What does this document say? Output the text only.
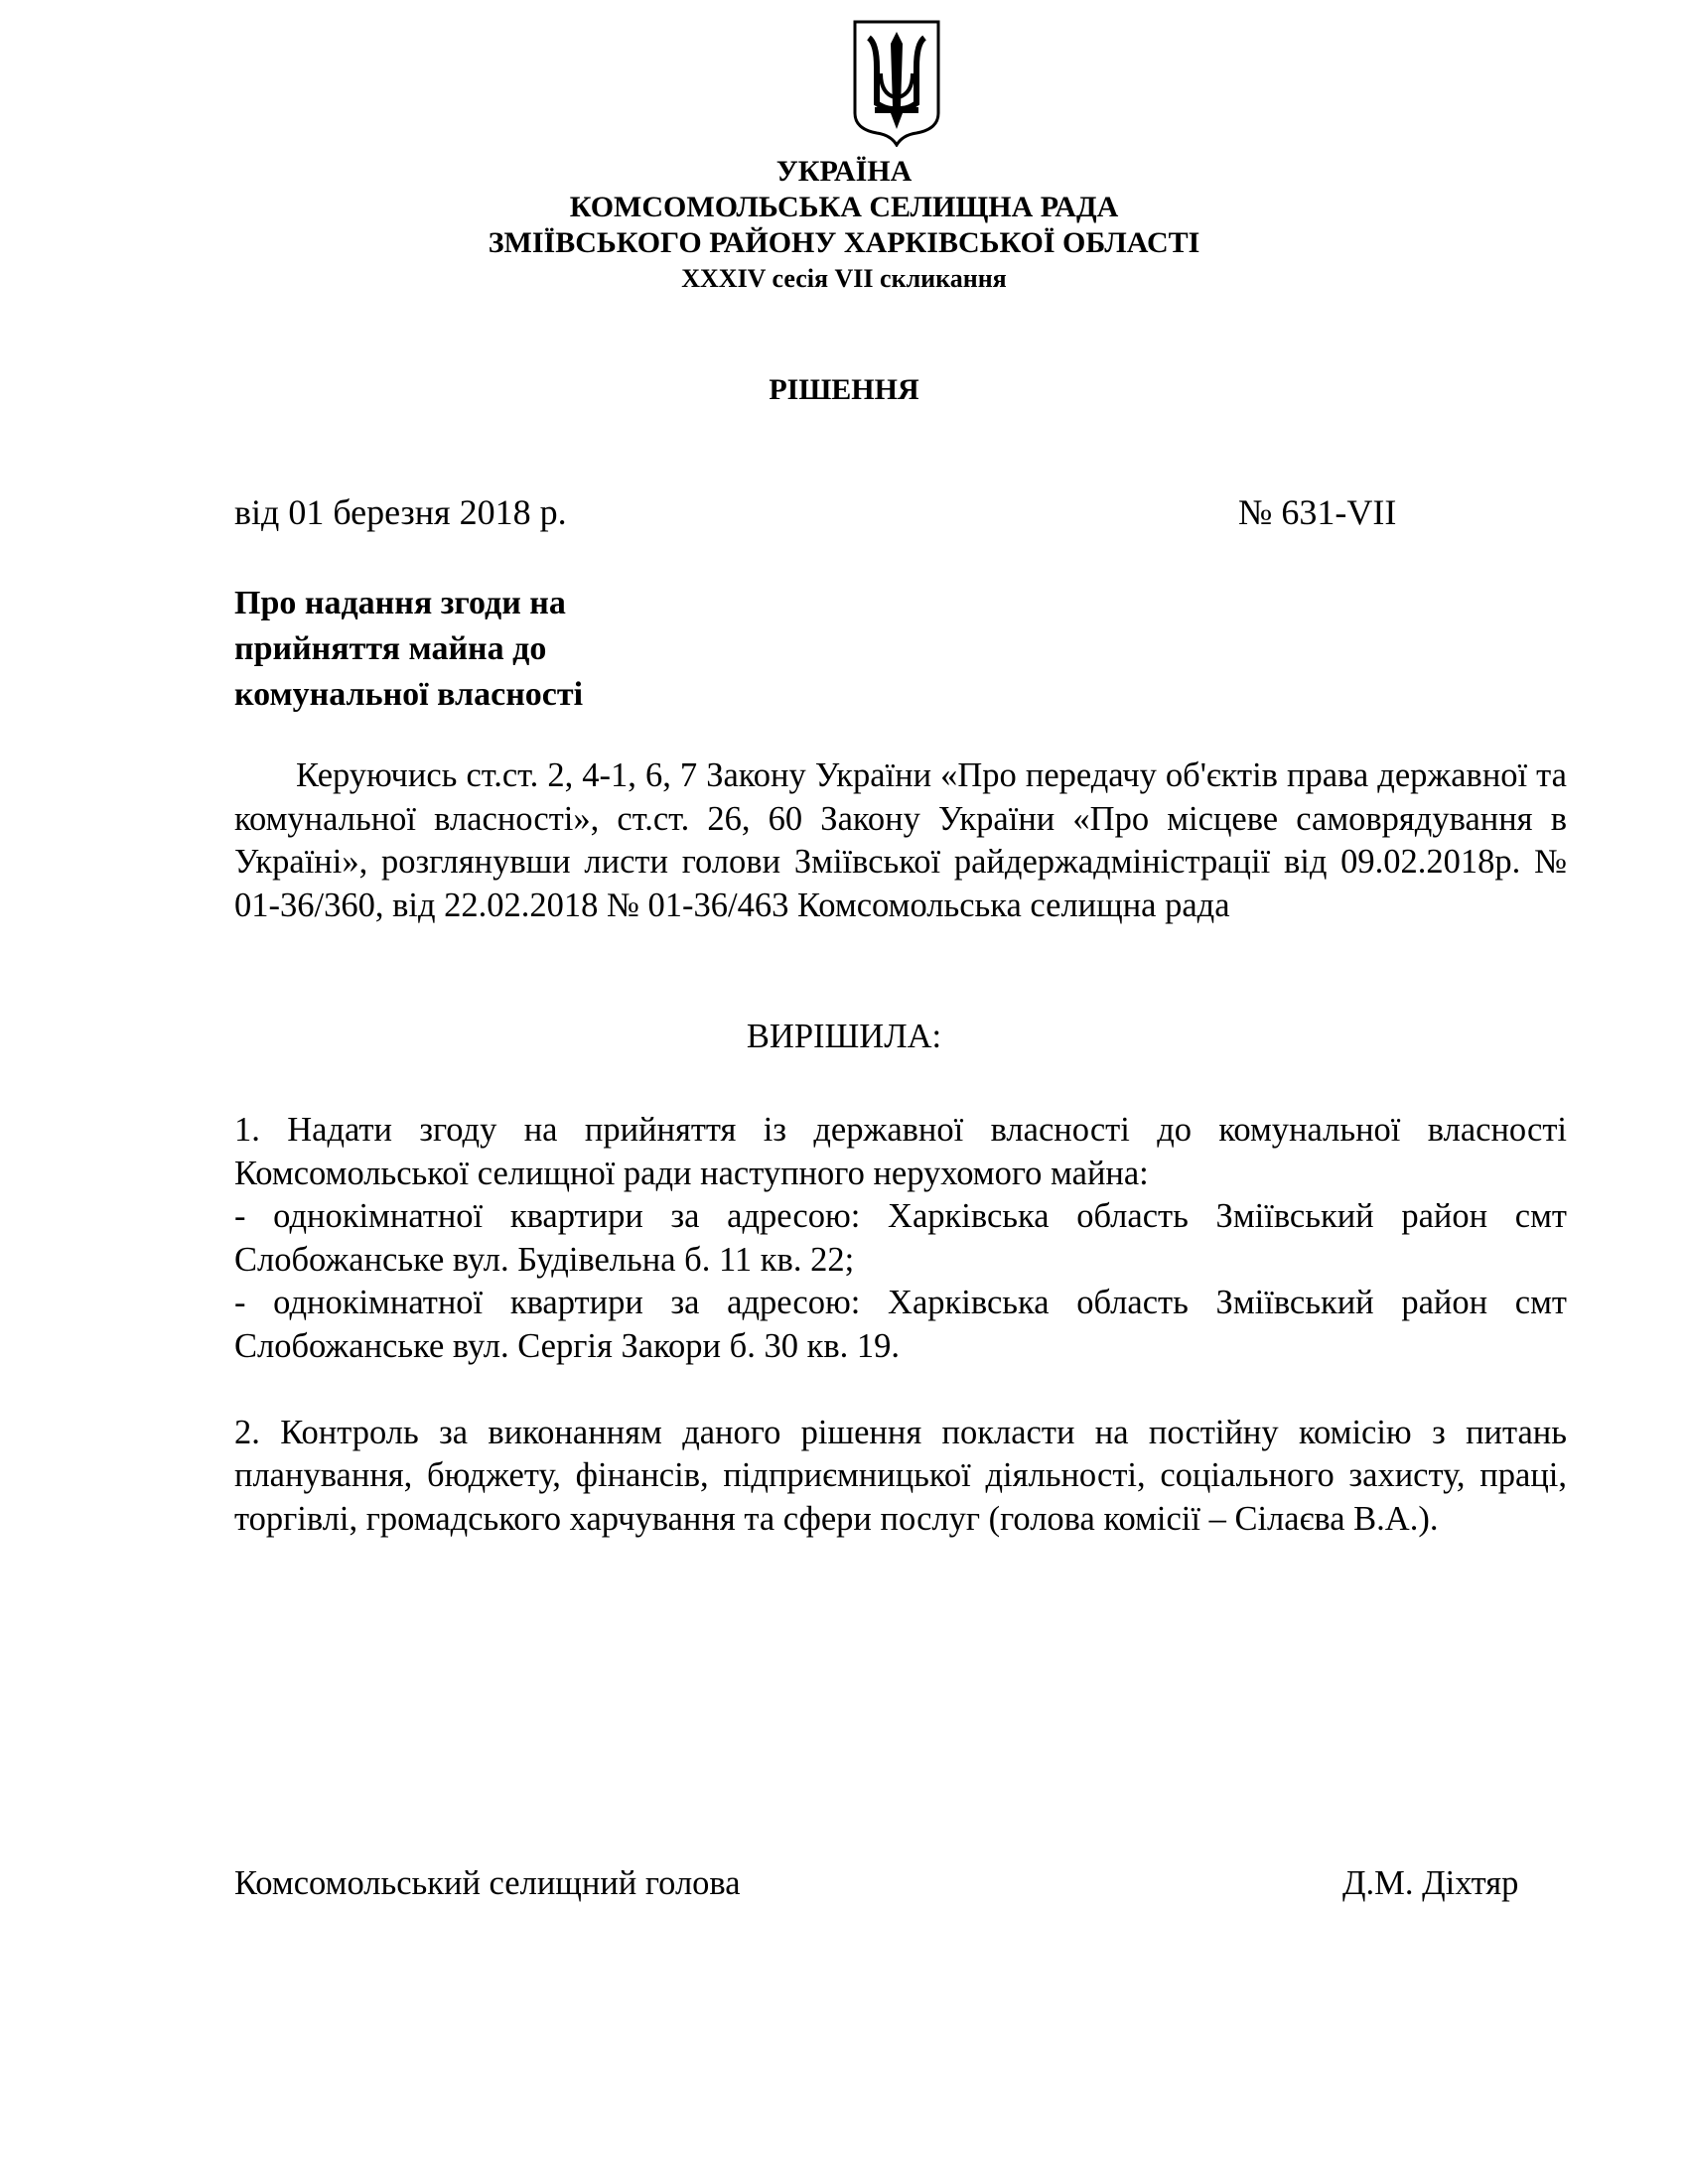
УКРАЇНА
КОМСОМОЛЬСЬКА СЕЛИЩНА РАДА
ЗМІЇВСЬКОГО РАЙОНУ ХАРКІВСЬКОЇ ОБЛАСТІ
XXXIV сесія VII скликання
РІШЕННЯ
від 01 березня 2018 р.	№ 631-VII
Про надання згоди на
прийняття майна до
комунальної власності
Керуючись ст.ст. 2, 4-1, 6, 7 Закону України «Про передачу об'єктів права державної та комунальної власності», ст.ст. 26, 60 Закону України «Про місцеве самоврядування в Україні», розглянувши листи голови Зміївської райдержадміністрації від 09.02.2018р. № 01-36/360, від 22.02.2018 № 01-36/463 Комсомольська селищна рада
ВИРІШИЛА:

1. Надати згоду на прийняття із державної власності до комунальної власності Комсомольської селищної ради наступного нерухомого майна:

- однокімнатної квартири за адресою: Харківська область Зміївський район смт Слобожанське вул. Будівельна б. 11 кв. 22;

- однокімнатної квартири за адресою: Харківська область Зміївський район смт Слобожанське вул. Сергія Закори б. 30 кв. 19.

2. Контроль за виконанням даного рішення покласти на постійну комісію з питань планування, бюджету, фінансів, підприємницької діяльності, соціального захисту, праці, торгівлі, громадського харчування та сфери послуг (голова комісії – Сілаєва В.А.).

Комсомольський селищний голова	Д.М. Діхтяр
